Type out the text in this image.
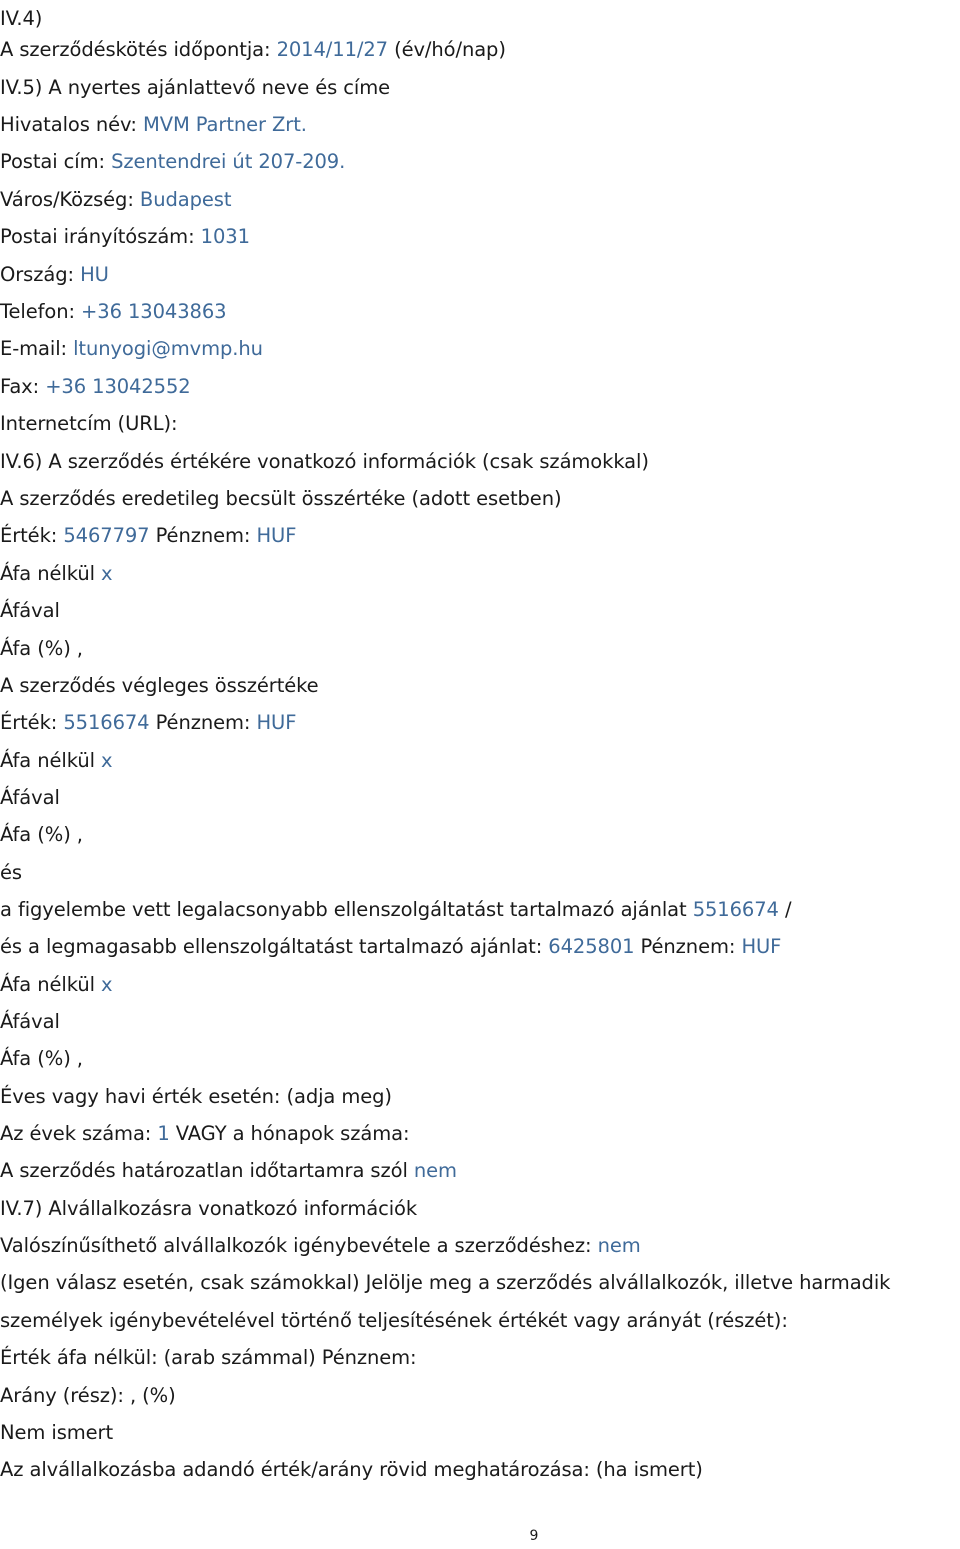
IV.4)
A szerződéskötés időpontja: 2014/11/27 (év/hó/nap)
IV.5) A nyertes ajánlattevő neve és címe
Hivatalos név: MVM Partner Zrt.
Postai cím: Szentendrei út 207-209.
Város/Község: Budapest
Postai irányítószám: 1031
Ország: HU
Telefon: +36 13043863
E-mail: ltunyogi@mvmp.hu
Fax: +36 13042552
Internetcím (URL):
IV.6) A szerződés értékére vonatkozó információk (csak számokkal)
A szerződés eredetileg becsült összértéke (adott esetben)
Érték: 5467797 Pénznem: HUF
Áfa nélkül x
Áfával
Áfa (%) ,
A szerződés végleges összértéke
Érték: 5516674 Pénznem: HUF
Áfa nélkül x
Áfával
Áfa (%) ,
és
a figyelembe vett legalacsonyabb ellenszolgáltatást tartalmazó ajánlat 5516674 /
és a legmagasabb ellenszolgáltatást tartalmazó ajánlat: 6425801 Pénznem: HUF
Áfa nélkül x
Áfával
Áfa (%) ,
Éves vagy havi érték esetén: (adja meg)
Az évek száma: 1 VAGY a hónapok száma:
A szerződés határozatlan időtartamra szól nem
IV.7) Alvállalkozásra vonatkozó információk
Valószínűsíthető alvállalkozók igénybevétele a szerződéshez: nem
(Igen válasz esetén, csak számokkal) Jelölje meg a szerződés alvállalkozók, illetve harmadik
személyek igénybevételével történő teljesítésének értékét vagy arányát (részét):
Érték áfa nélkül: (arab számmal) Pénznem:
Arány (rész): , (%)
Nem ismert
Az alvállalkozásba adandó érték/arány rövid meghatározása: (ha ismert)
9
